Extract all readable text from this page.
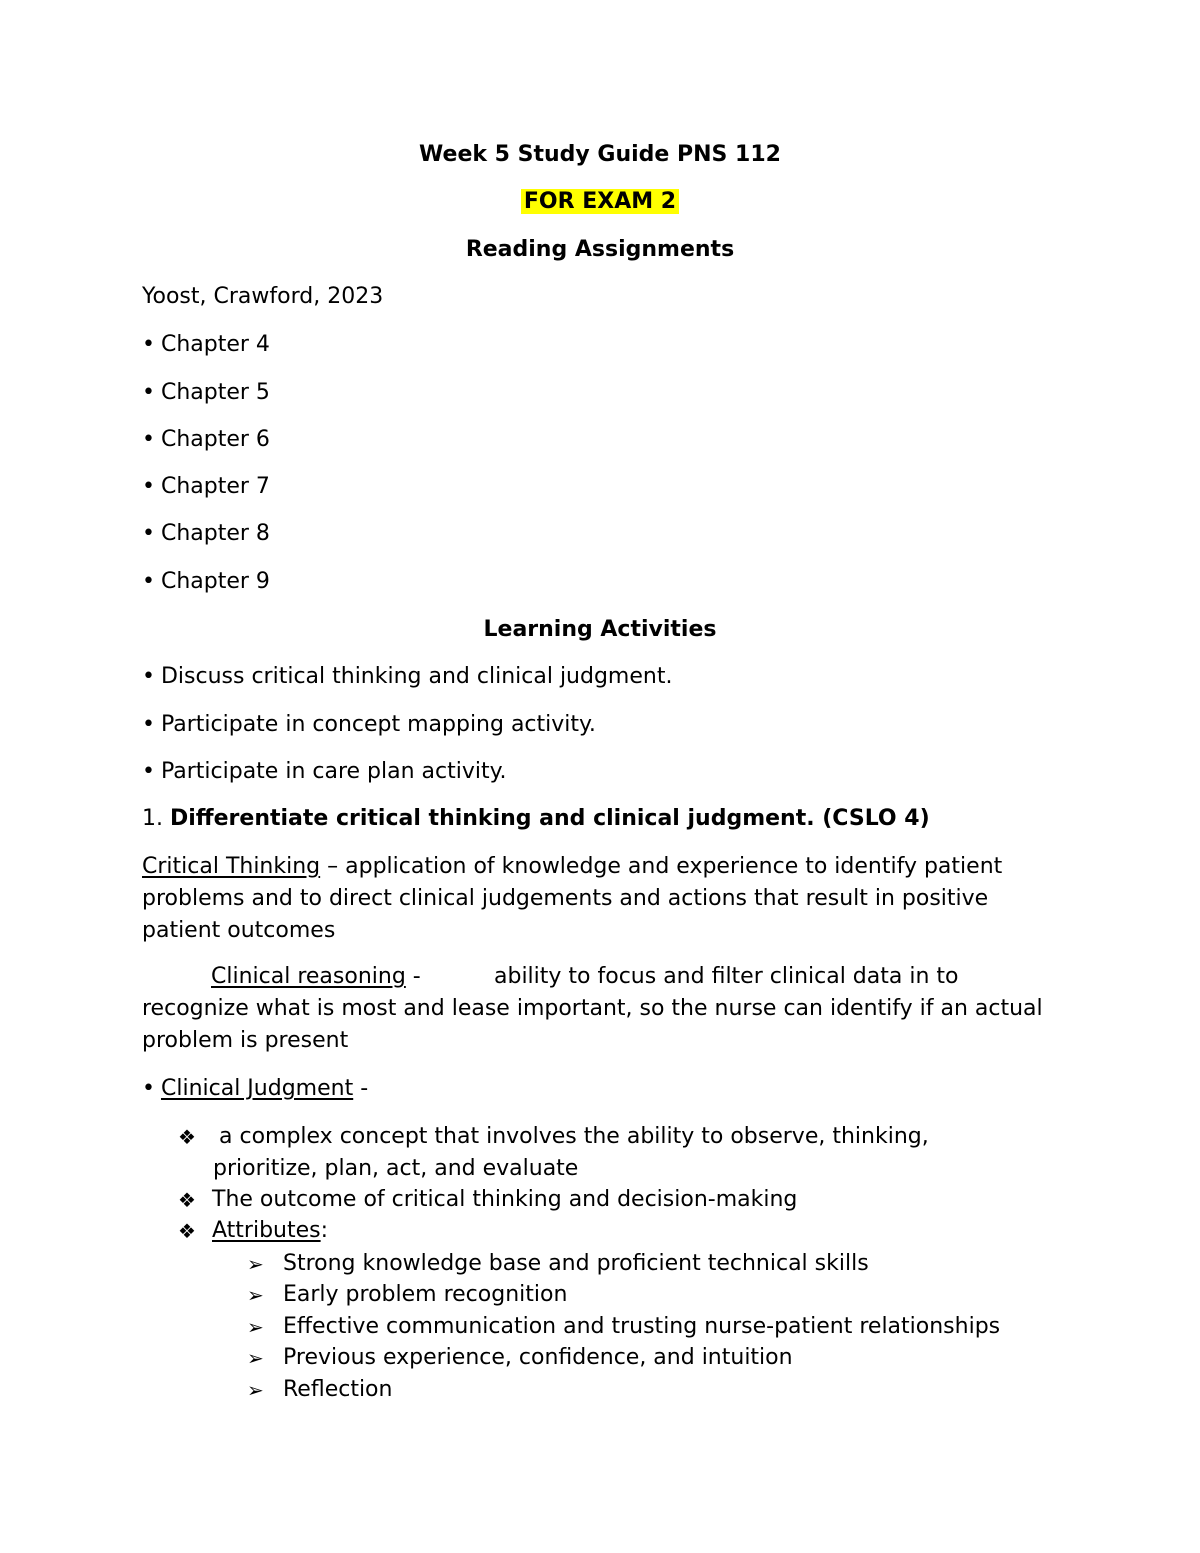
Week 5 Study Guide PNS 112
FOR EXAM 2
Reading Assignments
Yoost, Crawford, 2023
• Chapter 4
• Chapter 5
• Chapter 6
• Chapter 7
• Chapter 8
• Chapter 9
Learning Activities
• Discuss critical thinking and clinical judgment.
• Participate in concept mapping activity.
• Participate in care plan activity.
1. Differentiate critical thinking and clinical judgment. (CSLO 4)
Critical Thinking – application of knowledge and experience to identify patient problems and to direct clinical judgements and actions that result in positive patient outcomes
Clinical reasoning -	ability to focus and filter clinical data in to
recognize what is most and lease important, so the nurse can identify if an actual problem is present
• Clinical Judgment -
❖ a complex concept that involves the ability to observe, thinking, prioritize, plan, act, and evaluate
❖ The outcome of critical thinking and decision-making
❖ Attributes:
➢ Strong knowledge base and proficient technical skills
➢ Early problem recognition
➢ Effective communication and trusting nurse-patient relationships
➢ Previous experience, confidence, and intuition
➢ Reflection
